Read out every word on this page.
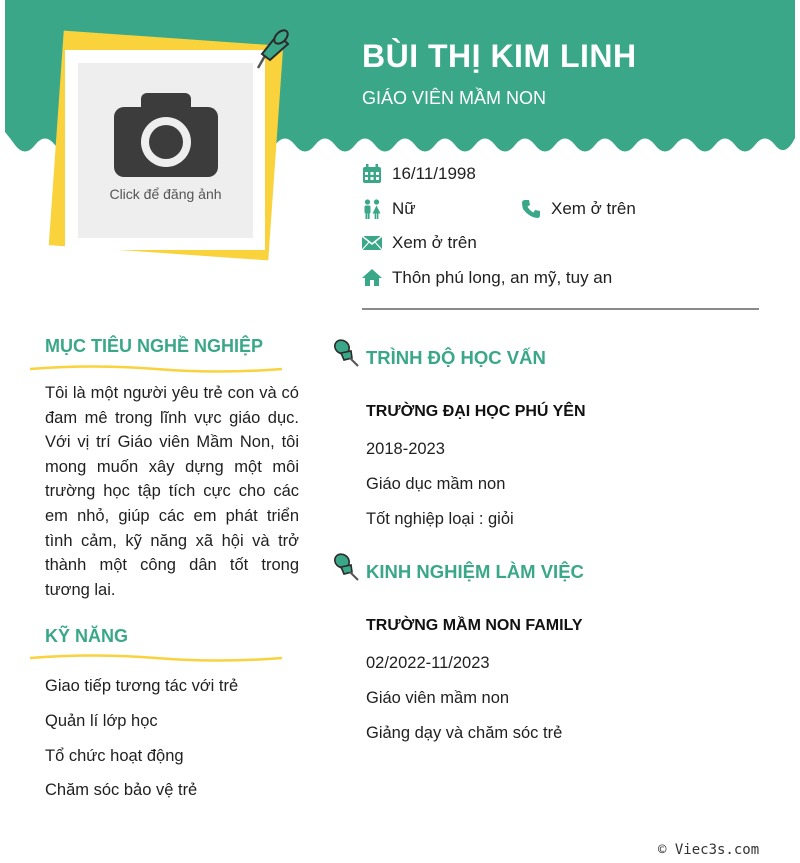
BÙI THỊ KIM LINH
GIÁO VIÊN MẦM NON
Click để đăng ảnh
16/11/1998
Nữ	Xem ở trên
Xem ở trên
Thôn phú long, an mỹ, tuy an
MỤC TIÊU NGHỀ NGHIỆP
Tôi là một người yêu trẻ con và có đam mê trong lĩnh vực giáo dục. Với vị trí Giáo viên Mầm Non, tôi mong muốn xây dựng một môi trường học tập tích cực cho các em nhỏ, giúp các em phát triển tình cảm, kỹ năng xã hội và trở thành một công dân tốt trong tương lai.
KỸ NĂNG
Giao tiếp tương tác với trẻ
Quản lí lớp học
Tổ chức hoạt động
Chăm sóc bảo vệ trẻ
TRÌNH ĐỘ HỌC VẤN
TRƯỜNG ĐẠI HỌC PHÚ YÊN
2018-2023
Giáo dục mầm non
Tốt nghiệp loại : giỏi
KINH NGHIỆM LÀM VIỆC
TRƯỜNG MẦM NON FAMILY
02/2022-11/2023
Giáo viên mầm non
Giảng dạy và chăm sóc trẻ
© Viec3s.com
